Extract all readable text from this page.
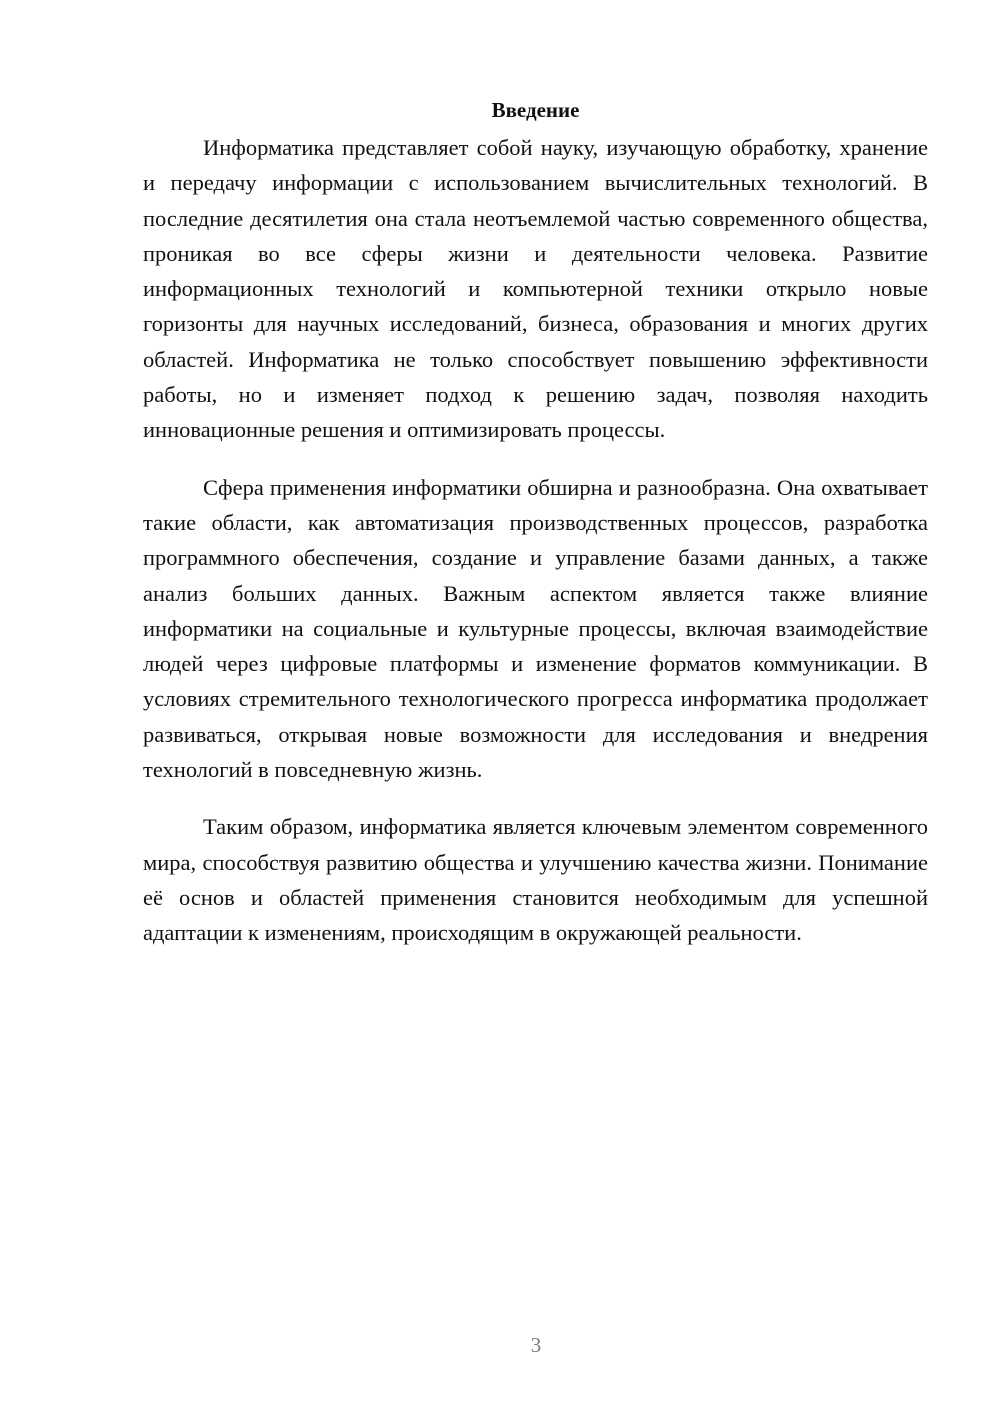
Введение

Информатика представляет собой науку, изучающую обработку, хранение и передачу информации с использованием вычислительных технологий. В последние десятилетия она стала неотъемлемой частью современного общества, проникая во все сферы жизни и деятельности человека. Развитие информационных технологий и компьютерной техники открыло новые горизонты для научных исследований, бизнеса, образования и многих других областей. Информатика не только способствует повышению эффективности работы, но и изменяет подход к решению задач, позволяя находить инновационные решения и оптимизировать процессы.

Сфера применения информатики обширна и разнообразна. Она охватывает такие области, как автоматизация производственных процессов, разработка программного обеспечения, создание и управление базами данных, а также анализ больших данных. Важным аспектом является также влияние информатики на социальные и культурные процессы, включая взаимодействие людей через цифровые платформы и изменение форматов коммуникации. В условиях стремительного технологического прогресса информатика продолжает развиваться, открывая новые возможности для исследования и внедрения технологий в повседневную жизнь.

Таким образом, информатика является ключевым элементом современного мира, способствуя развитию общества и улучшению качества жизни. Понимание её основ и областей применения становится необходимым для успешной адаптации к изменениям, происходящим в окружающей реальности.

3
